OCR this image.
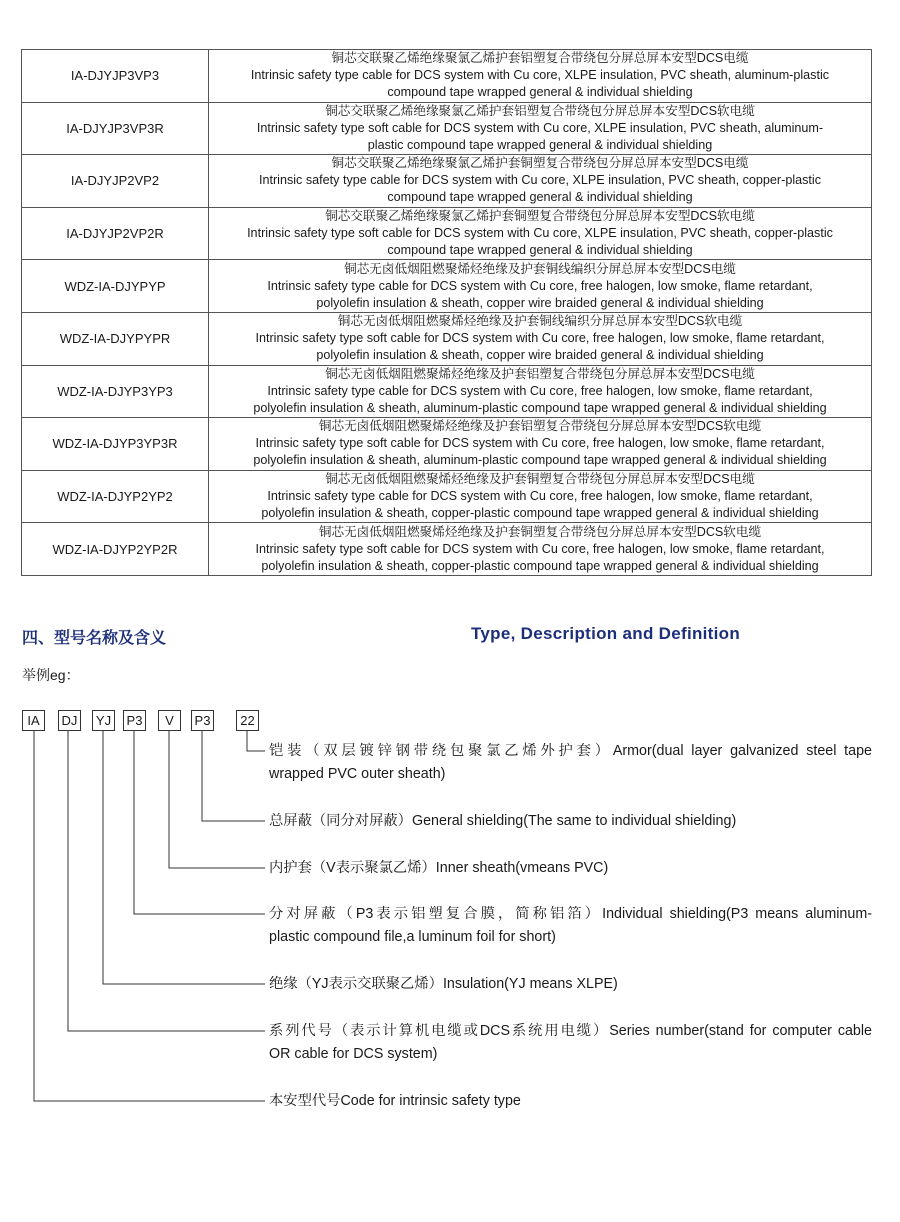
IA-DJYJP3VP3	铜芯交联聚乙烯绝缘聚氯乙烯护套铝塑复合带绕包分屏总屏本安型DCS电缆
Intrinsic safety type cable for DCS system with Cu core, XLPE insulation, PVC sheath, aluminum-plastic
compound tape wrapped general & individual shielding

IA-DJYJP3VP3R	铜芯交联聚乙烯绝缘聚氯乙烯护套铝塑复合带绕包分屏总屏本安型DCS软电缆
Intrinsic safety type soft cable for DCS system with Cu core, XLPE insulation, PVC sheath, aluminum-
plastic compound tape wrapped general & individual shielding

IA-DJYJP2VP2	铜芯交联聚乙烯绝缘聚氯乙烯护套铜塑复合带绕包分屏总屏本安型DCS电缆
Intrinsic safety type cable for DCS system with Cu core, XLPE insulation, PVC sheath, copper-plastic
compound tape wrapped general & individual shielding

IA-DJYJP2VP2R	铜芯交联聚乙烯绝缘聚氯乙烯护套铜塑复合带绕包分屏总屏本安型DCS软电缆
Intrinsic safety type soft cable for DCS system with Cu core, XLPE insulation, PVC sheath, copper-plastic
compound tape wrapped general & individual shielding

WDZ-IA-DJYPYP	铜芯无卤低烟阻燃聚烯烃绝缘及护套铜线编织分屏总屏本安型DCS电缆
Intrinsic safety type cable for DCS system with Cu core, free halogen, low smoke, flame retardant,
polyolefin insulation & sheath, copper wire braided general & individual shielding

WDZ-IA-DJYPYPR	铜芯无卤低烟阻燃聚烯烃绝缘及护套铜线编织分屏总屏本安型DCS软电缆
Intrinsic safety type soft cable for DCS system with Cu core, free halogen, low smoke, flame retardant,
polyolefin insulation & sheath, copper wire braided general & individual shielding

WDZ-IA-DJYP3YP3	铜芯无卤低烟阻燃聚烯烃绝缘及护套铝塑复合带绕包分屏总屏本安型DCS电缆
Intrinsic safety type cable for DCS system with Cu core, free halogen, low smoke, flame retardant,
polyolefin insulation & sheath, aluminum-plastic compound tape wrapped general & individual shielding

WDZ-IA-DJYP3YP3R	铜芯无卤低烟阻燃聚烯烃绝缘及护套铝塑复合带绕包分屏总屏本安型DCS软电缆
Intrinsic safety type soft cable for DCS system with Cu core, free halogen, low smoke, flame retardant,
polyolefin insulation & sheath, aluminum-plastic compound tape wrapped general & individual shielding

WDZ-IA-DJYP2YP2	铜芯无卤低烟阻燃聚烯烃绝缘及护套铜塑复合带绕包分屏总屏本安型DCS电缆
Intrinsic safety type cable for DCS system with Cu core, free halogen, low smoke, flame retardant,
polyolefin insulation & sheath, copper-plastic compound tape wrapped general & individual shielding

WDZ-IA-DJYP2YP2R	铜芯无卤低烟阻燃聚烯烃绝缘及护套铜塑复合带绕包分屏总屏本安型DCS软电缆
Intrinsic safety type soft cable for DCS system with Cu core, free halogen, low smoke, flame retardant,
polyolefin insulation & sheath, copper-plastic compound tape wrapped general & individual shielding
四、型号名称及含义	Type, Description and Definition
举例eg：
IA	DJ	YJ	P3	V	P3	22
铠装（双层镀锌钢带绕包聚氯乙烯外护套）Armor(dual layer galvanized steel tape
wrapped PVC outer sheath)
总屏蔽（同分对屏蔽）General shielding(The same to individual shielding)
内护套（V表示聚氯乙烯）Inner sheath(vmeans PVC)
分对屏蔽（P3表示铝塑复合膜，简称铝箔）Individual shielding(P3 means aluminum-
plastic compound file,a luminum foil for short)
绝缘（YJ表示交联聚乙烯）Insulation(YJ means XLPE)
系列代号（表示计算机电缆或DCS系统用电缆）Series number(stand for computer cable
OR cable for DCS system)
本安型代号Code for intrinsic safety type
